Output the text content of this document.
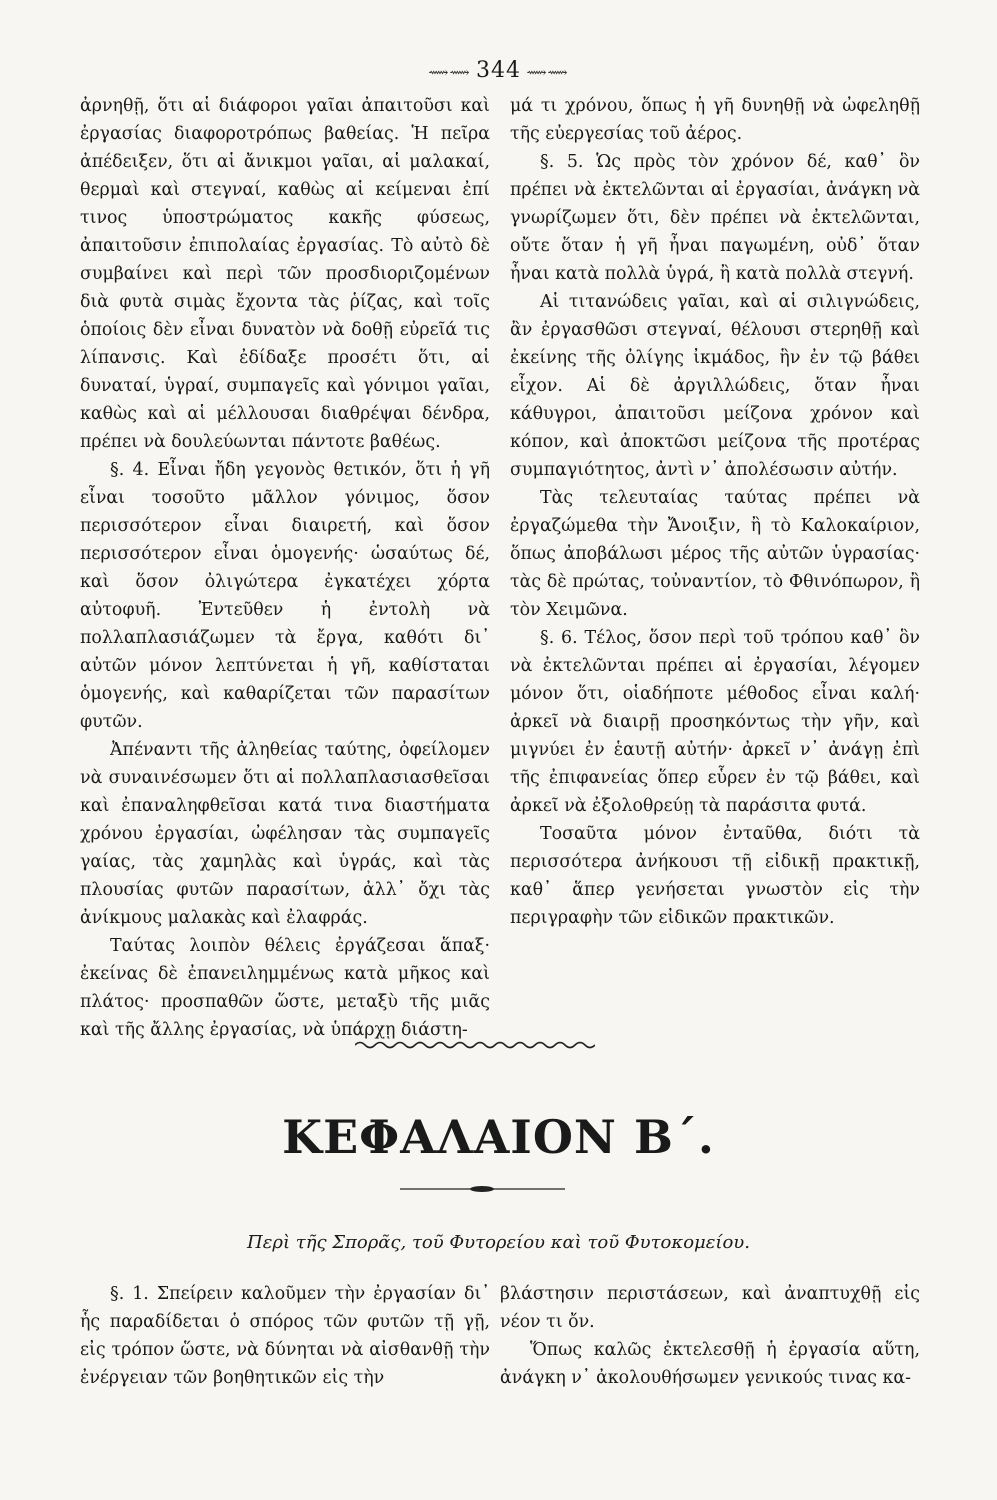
⟿⟿ 344 ⟿⟿

ἀρνηθῇ, ὅτι αἱ διάφοροι γαῖαι ἀπαιτοῦσι καὶ ἐργασίας διαφοροτρόπως βαθείας. Ἡ πεῖρα ἀπέδειξεν, ὅτι αἱ ἄνικμοι γαῖαι, αἱ μαλακαί, θερμαὶ καὶ στεγναί, καθὼς αἱ κείμεναι ἐπί τινος ὑποστρώματος κακῆς φύσεως, ἀπαιτοῦσιν ἐπιπολαίας ἐργασίας. Τὸ αὐτὸ δὲ συμβαίνει καὶ περὶ τῶν προσδιοριζομένων διὰ φυτὰ σιμὰς ἔχοντα τὰς ῥίζας, καὶ τοῖς ὁποίοις δὲν εἶναι δυνατὸν νὰ δοθῇ εὐρεῖά τις λίπανσις. Καὶ ἐδίδαξε προσέτι ὅτι, αἱ δυναταί, ὑγραί, συμπαγεῖς καὶ γόνιμοι γαῖαι, καθὼς καὶ αἱ μέλλουσαι διαθρέψαι δένδρα, πρέπει νὰ δουλεύωνται πάντοτε βαθέως.

§. 4. Εἶναι ἤδη γεγονὸς θετικόν, ὅτι ἡ γῆ εἶναι τοσοῦτο μᾶλλον γόνιμος, ὅσον περισσότερον εἶναι διαιρετή, καὶ ὅσον περισσότερον εἶναι ὁμογενής· ὡσαύτως δέ, καὶ ὅσον ὀλιγώτερα ἐγκατέχει χόρτα αὐτοφυῆ. Ἐντεῦθεν ἡ ἐντολὴ νὰ πολλαπλασιάζωμεν τὰ ἔργα, καθότι δι᾽ αὐτῶν μόνον λεπτύνεται ἡ γῆ, καθίσταται ὁμογενής, καὶ καθαρίζεται τῶν παρασίτων φυτῶν.

Ἀπέναντι τῆς ἀληθείας ταύτης, ὀφείλομεν νὰ συναινέσωμεν ὅτι αἱ πολλαπλασιασθεῖσαι καὶ ἐπαναληφθεῖσαι κατά τινα διαστήματα χρόνου ἐργασίαι, ὠφέλησαν τὰς συμπαγεῖς γαίας, τὰς χαμηλὰς καὶ ὑγράς, καὶ τὰς πλουσίας φυτῶν παρασίτων, ἀλλ᾽ ὄχι τὰς ἀνίκμους μαλακὰς καὶ ἐλαφράς.

Ταύτας λοιπὸν θέλεις ἐργάζεσαι ἅπαξ· ἐκείνας δὲ ἐπανειλημμένως κατὰ μῆκος καὶ πλάτος· προσπαθῶν ὥστε, μεταξὺ τῆς μιᾶς καὶ τῆς ἄλλης ἐργασίας, νὰ ὑπάρχῃ διάστη-

μά τι χρόνου, ὅπως ἡ γῆ δυνηθῇ νὰ ὠφεληθῇ τῆς εὐεργεσίας τοῦ ἀέρος.

§. 5. Ὡς πρὸς τὸν χρόνον δέ, καθ᾽ ὃν πρέπει νὰ ἐκτελῶνται αἱ ἐργασίαι, ἀνάγκη νὰ γνωρίζωμεν ὅτι, δὲν πρέπει νὰ ἐκτελῶνται, οὔτε ὅταν ἡ γῆ ἦναι παγωμένη, οὐδ᾽ ὅταν ἦναι κατὰ πολλὰ ὑγρά, ἢ κατὰ πολλὰ στεγνή.

Αἱ τιτανώδεις γαῖαι, καὶ αἱ σιλιγνώδεις, ἂν ἐργασθῶσι στεγναί, θέλουσι στερηθῇ καὶ ἐκείνης τῆς ὀλίγης ἰκμάδος, ἣν ἐν τῷ βάθει εἶχον. Αἱ δὲ ἀργιλλώδεις, ὅταν ἦναι κάθυγροι, ἀπαιτοῦσι μείζονα χρόνον καὶ κόπον, καὶ ἀποκτῶσι μείζονα τῆς προτέρας συμπαγιότητος, ἀντὶ ν᾽ ἀπολέσωσιν αὐτήν.

Τὰς τελευταίας ταύτας πρέπει νὰ ἐργαζώμεθα τὴν Ἄνοιξιν, ἢ τὸ Καλοκαίριον, ὅπως ἀποβάλωσι μέρος τῆς αὐτῶν ὑγρασίας· τὰς δὲ πρώτας, τοὐναντίον, τὸ Φθινόπωρον, ἢ τὸν Χειμῶνα.

§. 6. Τέλος, ὅσον περὶ τοῦ τρόπου καθ᾽ ὃν νὰ ἐκτελῶνται πρέπει αἱ ἐργασίαι, λέγομεν μόνον ὅτι, οἱαδήποτε μέθοδος εἶναι καλή· ἀρκεῖ νὰ διαιρῇ προσηκόντως τὴν γῆν, καὶ μιγνύει ἐν ἑαυτῇ αὐτήν· ἀρκεῖ ν᾽ ἀνάγῃ ἐπὶ τῆς ἐπιφανείας ὅπερ εὗρεν ἐν τῷ βάθει, καὶ ἀρκεῖ νὰ ἐξολοθρεύῃ τὰ παράσιτα φυτά.

Τοσαῦτα μόνον ἐνταῦθα, διότι τὰ περισσότερα ἀνήκουσι τῇ εἰδικῇ πρακτικῇ, καθ᾽ ἅπερ γενήσεται γνωστὸν εἰς τὴν περιγραφὴν τῶν εἰδικῶν πρακτικῶν.

ΚΕΦΑΛΑΙΟΝ Β΄.
Περὶ τῆς Σπορᾶς, τοῦ Φυτορείου καὶ τοῦ Φυτοκομείου.

§. 1. Σπείρειν καλοῦμεν τὴν ἐργασίαν δι᾽ ἧς παραδίδεται ὁ σπόρος τῶν φυτῶν τῇ γῇ, εἰς τρόπον ὥστε, νὰ δύνηται νὰ αἰσθανθῇ τὴν ἐνέργειαν τῶν βοηθητικῶν εἰς τὴν

βλάστησιν περιστάσεων, καὶ ἀναπτυχθῇ εἰς νέον τι ὄν.

Ὅπως καλῶς ἐκτελεσθῇ ἡ ἐργασία αὕτη, ἀνάγκη ν᾽ ἀκολουθήσωμεν γενικούς τινας κα-
